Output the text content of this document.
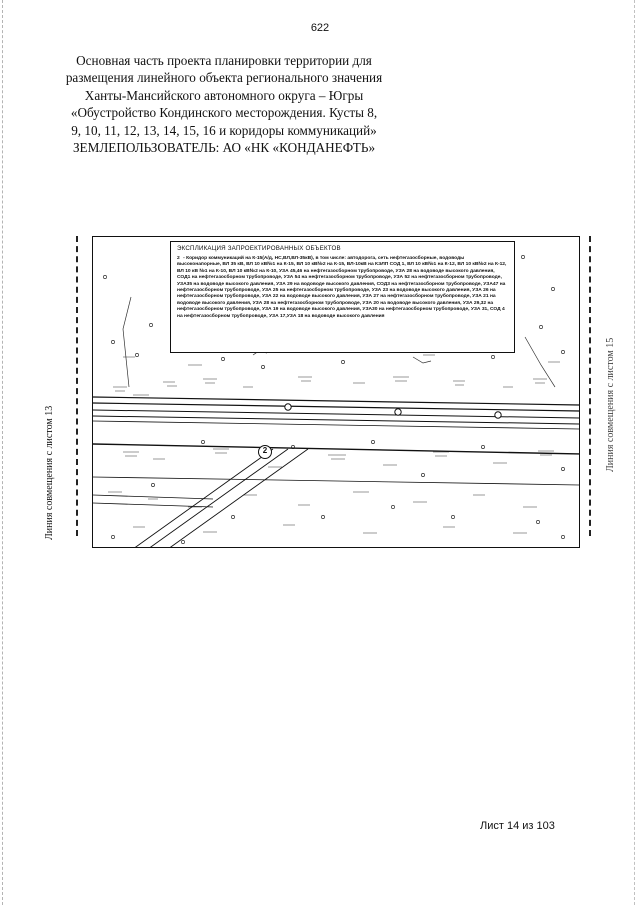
622
Основная часть проекта планировки территории для
размещения линейного объекта регионального значения
Ханты-Мансийского автономного округа – Югры
«Обустройство Кондинского месторождения. Кусты 8,
9, 10, 11, 12, 13, 14, 15, 16 и коридоры коммуникаций»
ЗЕМЛЕПОЛЬЗОВАТЕЛЬ: АО «НК «КОНДАНЕФТЬ»
Линия совмещения с листом 13
Линия совмещения с листом 15
2
ЭКСПЛИКАЦИЯ ЗАПРОЕКТИРОВАННЫХ ОБЪЕКТОВ
2 - Коридор коммуникаций на К-15(А/д, НС,ВЛ,ВЛ-35кВ), в том числе: автодорога, сеть нефтегазосборные, водоводы высоконапорные, ВЛ 35 кВ, ВЛ 10 кВ№1 на К-15, ВЛ 10 кВ№2 на К-15, ВЛ-10кВ на КЭЛП СОД 1, ВЛ 10 кВ№1 на К-12, ВЛ 10 кВ№2 на К-12, ВЛ 10 кВ №1 на К-10, ВЛ 10 кВ№2 на К-10, УЗА 45,46 на нефтегазосборном трубопроводе, УЗА 28 на водоводе высокого давления, СОД1 на нефтегазосборном трубопроводе, УЗА 54 на нефтегазосборном трубопроводе, УЗА 52 на нефтегазосборном трубопроводе, УЗА35 на водоводе высокого давления, УЗА 29 на водоводе высокого давления, СОД3 на нефтегазосборном трубопроводе, УЗА47 на нефтегазосборном трубопроводе, УЗА 25 на нефтегазосборном трубопроводе, УЗА 23 на водоводе высокого давления, УЗА 26 на нефтегазосборном трубопроводе, УЗА 22 на водоводе высокого давления, УЗА 27 на нефтегазосборном трубопроводе, УЗА 21 на водоводе высокого давления, УЗА 28 на нефтегазосборном трубопроводе, УЗА 20 на водоводе высокого давления, УЗА 29,32 на нефтегазосборном трубопроводе, УЗА 19 на водоводе высокого давления, УЗА30 на нефтегазосборном трубопроводе, УЗА 31, СОД 4 на нефтегазосборном трубопроводе, УЗА 17,УЗА 18 на водоводе высокого давления
Лист 14 из 103
